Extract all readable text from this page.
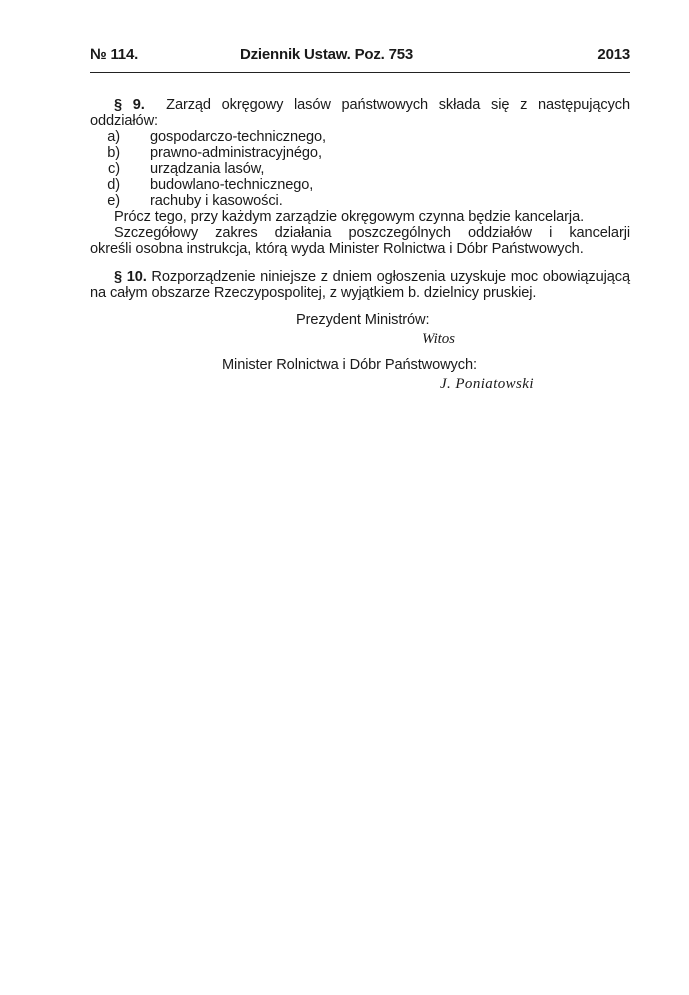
№ 114.	Dziennik Ustaw. Poz. 753	2013

§ 9. Zarząd okręgowy lasów państwowych składa się z następujących

oddziałów:

a) gospodarczo-technicznego,
b) prawno-administracyjnégo,
c) urządzania lasów,
d) budowlano-technicznego,
e) rachuby i kasowości.

Prócz tego, przy każdym zarządzie okręgowym czynna będzie kancelarja.

Szczegółowy zakres działania poszczególnych oddziałów i kancelarji

określi osobna instrukcja, którą wyda Minister Rolnictwa i Dóbr Państwowych.

§ 10. Rozporządzenie niniejsze z dniem ogłoszenia uzyskuje moc obowiązującą na całym obszarze Rzeczypospolitej, z wyjątkiem b. dzielnicy pruskiej.

Prezydent Ministrów:
Witos
Minister Rolnictwa i Dóbr Państwowych:
J. Poniatowski
